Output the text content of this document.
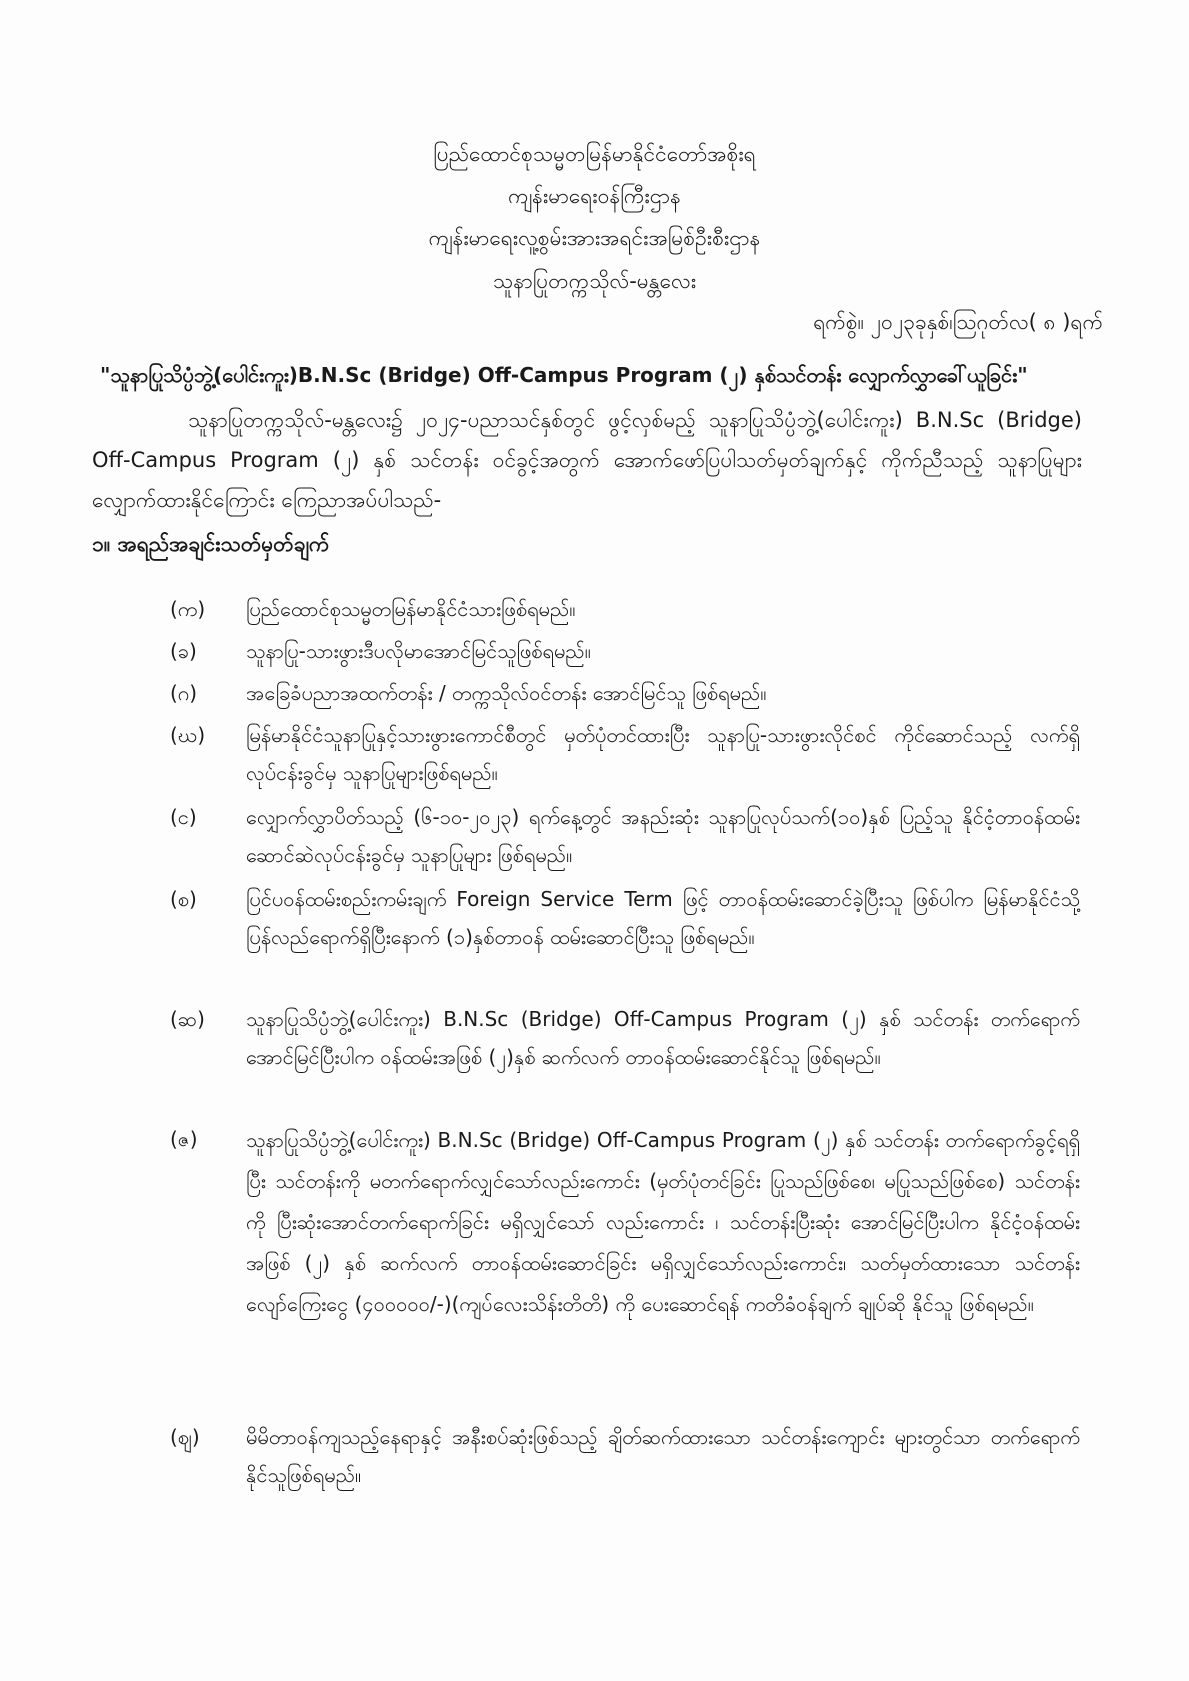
ပြည်ထောင်စုသမ္မတမြန်မာနိုင်ငံတော်အစိုးရ
ကျန်းမာရေးဝန်ကြီးဌာန
ကျန်းမာရေးလူ့စွမ်းအားအရင်းအမြစ်ဦးစီးဌာန
သူနာပြုတက္ကသိုလ်-မန္တလေး
ရက်စွဲ။ ၂၀၂၃ခုနှစ်၊ဩဂုတ်လ( ၈ )ရက်
"သူနာပြုသိပ္ပံဘွဲ့(ပေါင်းကူး)B.N.Sc (Bridge) Off-Campus Program (၂) နှစ်သင်တန်း လျှောက်လွှာခေါ်ယူခြင်း"
သူနာပြုတက္ကသိုလ်-မန္တလေး၌ ၂၀၂၄-ပညာသင်နှစ်တွင် ဖွင့်လှစ်မည့် သူနာပြုသိပ္ပံဘွဲ့(ပေါင်းကူး) B.N.Sc (Bridge) Off-Campus Program (၂) နှစ် သင်တန်း ဝင်ခွင့်အတွက် အောက်ဖော်ပြပါသတ်မှတ်ချက်နှင့် ကိုက်ညီသည့် သူနာပြုများ လျှောက်ထားနိုင်ကြောင်း ကြေညာအပ်ပါသည်-
၁။ အရည်အချင်းသတ်မှတ်ချက်
(က)	ပြည်ထောင်စုသမ္မတမြန်မာနိုင်ငံသားဖြစ်ရမည်။
(ခ)	သူနာပြု-သားဖွားဒီပလိုမာအောင်မြင်သူဖြစ်ရမည်။
(ဂ)	အခြေခံပညာအထက်တန်း / တက္ကသိုလ်ဝင်တန်း အောင်မြင်သူ ဖြစ်ရမည်။
(ဃ)	မြန်မာနိုင်ငံသူနာပြုနှင့်သားဖွားကောင်စီတွင် မှတ်ပုံတင်ထားပြီး သူနာပြု-သားဖွားလိုင်စင် ကိုင်ဆောင်သည့် လက်ရှိလုပ်ငန်းခွင်မှ သူနာပြုများဖြစ်ရမည်။
(င)	လျှောက်လွှာပိတ်သည့် (၆-၁၀-၂၀၂၃) ရက်နေ့တွင် အနည်းဆုံး သူနာပြုလုပ်သက်(၁၀)နှစ် ပြည့်သူ နိုင်ငံ့တာဝန်ထမ်းဆောင်ဆဲလုပ်ငန်းခွင်မှ သူနာပြုများ ဖြစ်ရမည်။
(စ)	ပြင်ပဝန်ထမ်းစည်းကမ်းချက် Foreign Service Term ဖြင့် တာဝန်ထမ်းဆောင်ခဲ့ပြီးသူ ဖြစ်ပါက မြန်မာနိုင်ငံသို့ ပြန်လည်ရောက်ရှိပြီးနောက် (၁)နှစ်တာဝန် ထမ်းဆောင်ပြီးသူ ဖြစ်ရမည်။
(ဆ)	သူနာပြုသိပ္ပံဘွဲ့(ပေါင်းကူး) B.N.Sc (Bridge) Off-Campus Program (၂) နှစ် သင်တန်း တက်ရောက်အောင်မြင်ပြီးပါက ဝန်ထမ်းအဖြစ် (၂)နှစ် ဆက်လက် တာဝန်ထမ်းဆောင်နိုင်သူ ဖြစ်ရမည်။
(ဇ)	သူနာပြုသိပ္ပံဘွဲ့(ပေါင်းကူး) B.N.Sc (Bridge) Off-Campus Program (၂) နှစ် သင်တန်း တက်ရောက်ခွင့်ရရှိပြီး သင်တန်းကို မတက်ရောက်လျှင်သော်လည်းကောင်း (မှတ်ပုံတင်ခြင်း ပြုသည်ဖြစ်စေ၊ မပြုသည်ဖြစ်စေ) သင်တန်းကို ပြီးဆုံးအောင်တက်ရောက်ခြင်း မရှိလျှင်သော် လည်းကောင်း ၊ သင်တန်းပြီးဆုံး အောင်မြင်ပြီးပါက နိုင်ငံ့ဝန်ထမ်းအဖြစ် (၂) နှစ် ဆက်လက် တာဝန်ထမ်းဆောင်ခြင်း မရှိလျှင်သော်လည်းကောင်း၊ သတ်မှတ်ထားသော သင်တန်း လျော်ကြေးငွေ (၄၀၀၀၀၀/-)(ကျပ်လေးသိန်းတိတိ) ကို ပေးဆောင်ရန် ကတိခံဝန်ချက် ချုပ်ဆို နိုင်သူ ဖြစ်ရမည်။
(ဈ)	မိမိတာဝန်ကျသည့်နေရာနှင့် အနီးစပ်ဆုံးဖြစ်သည့် ချိတ်ဆက်ထားသော သင်တန်းကျောင်း များတွင်သာ တက်ရောက်နိုင်သူဖြစ်ရမည်။
